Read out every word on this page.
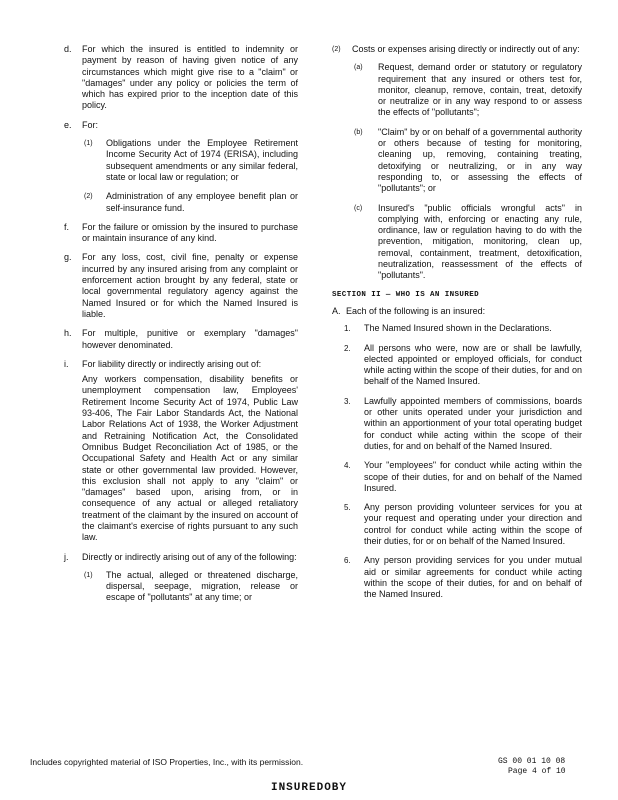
d. For which the insured is entitled to indemnity or payment by reason of having given notice of any circumstances which might give rise to a "claim" or "damages" under any policy or policies the term of which has expired prior to the inception date of this policy.
e. For:
(1) Obligations under the Employee Retirement Income Security Act of 1974 (ERISA), including subsequent amendments or any similar federal, state or local law or regulation; or
(2) Administration of any employee benefit plan or self-insurance fund.
f. For the failure or omission by the insured to purchase or maintain insurance of any kind.
g. For any loss, cost, civil fine, penalty or expense incurred by any insured arising from any complaint or enforcement action brought by any federal, state or local governmental regulatory agency against the Named Insured or for which the Named Insured is liable.
h. For multiple, punitive or exemplary "damages" however denominated.
i. For liability directly or indirectly arising out of:
Any workers compensation, disability benefits or unemployment compensation law, Employees' Retirement Income Security Act of 1974, Public Law 93-406, The Fair Labor Standards Act, the National Labor Relations Act of 1938, the Worker Adjustment and Retraining Notification Act, the Consolidated Omnibus Budget Reconciliation Act of 1985, or the Occupational Safety and Health Act or any similar state or other governmental law provided. However, this exclusion shall not apply to any "claim" or "damages" based upon, arising from, or in consequence of any actual or alleged retaliatory treatment of the claimant by the insured on account of the claimant's exercise of rights pursuant to any such law.
j. Directly or indirectly arising out of any of the following:
(1) The actual, alleged or threatened discharge, dispersal, seepage, migration, release or escape of "pollutants" at any time; or
(2) Costs or expenses arising directly or indirectly out of any:
(a) Request, demand order or statutory or regulatory requirement that any insured or others test for, monitor, cleanup, remove, contain, treat, detoxify or neutralize or in any way respond to or assess the effects of "pollutants";
(b) "Claim" by or on behalf of a governmental authority or others because of testing for monitoring, cleaning up, removing, containing treating, detoxifying or neutralizing, or in any way responding to, or assessing the effects of "pollutants"; or
(c) Insured's "public officials wrongful acts" in complying with, enforcing or enacting any rule, ordinance, law or regulation having to do with the prevention, mitigation, monitoring, clean up, removal, containment, treatment, detoxification, neutralization, reassessment of the effects of "pollutants".
SECTION II — WHO IS AN INSURED
A. Each of the following is an insured:
1. The Named Insured shown in the Declarations.
2. All persons who were, now are or shall be lawfully, elected appointed or employed officials, for conduct while acting within the scope of their duties, for and on behalf of the Named Insured.
3. Lawfully appointed members of commissions, boards or other units operated under your jurisdiction and within an apportionment of your total operating budget for conduct while acting within the scope of their duties, for and on behalf of the Named Insured.
4. Your "employees" for conduct while acting within the scope of their duties, for and on behalf of the Named Insured.
5. Any person providing volunteer services for you at your request and operating under your direction and control for conduct while acting within the scope of their duties, for or on behalf of the Named Insured.
6. Any person providing services for you under mutual aid or similar agreements for conduct while acting within the scope of their duties, for and on behalf of the Named Insured.
Includes copyrighted material of ISO Properties, Inc., with its permission.	GS 00 01 10 08
Page 4 of 10
INSUREDOBY
